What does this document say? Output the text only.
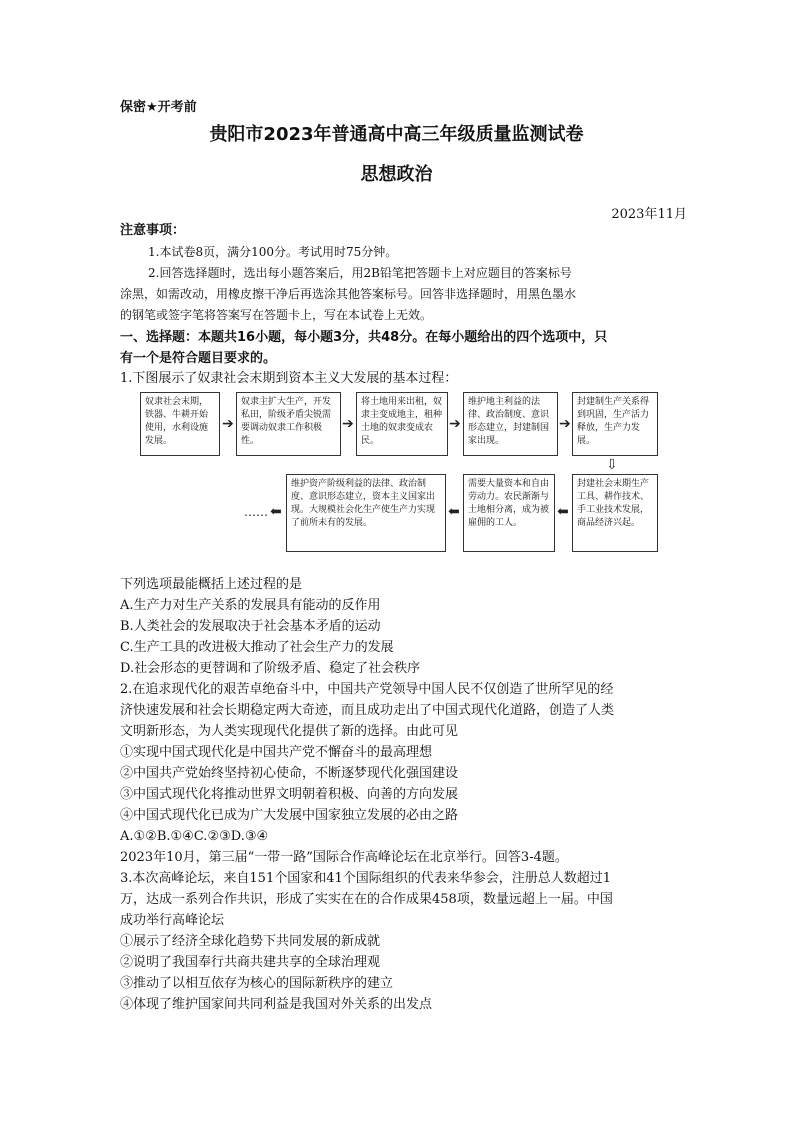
保密★开考前
贵阳市2023年普通高中高三年级质量监测试卷
思想政治
2023年11月
注意事项：
1.本试卷8页，满分100分。考试用时75分钟。
2.回答选择题时，选出每小题答案后，用2B铅笔把答题卡上对应题目的答案标号
涂黑，如需改动，用橡皮擦干净后再选涂其他答案标号。回答非选择题时，用黑色墨水
的钢笔或签字笔将答案写在答题卡上，写在本试卷上无效。
一、选择题：本题共16小题，每小题3分，共48分。在每小题给出的四个选项中，只
有一个是符合题目要求的。
1.下图展示了奴隶社会末期到资本主义大发展的基本过程：
奴隶社会末期，铁器、牛耕开始使用，水利设施发展。
➔
奴隶主扩大生产，开发私田，阶级矛盾尖锐需要调动奴隶工作积极性。
➔
将土地用来出租，奴隶主变成地主，租种土地的奴隶变成农民。
➔
维护地主利益的法律、政治制度、意识形态建立，封建制国家出现。
➔
封建制生产关系得到巩固，生产活力释放，生产力发展。
⇩
封建社会末期生产工具、耕作技术、手工业技术发展，商品经济兴起。
⬅
需要大量资本和自由劳动力。农民渐渐与土地相分离，成为被雇佣的工人。
⬅
维护资产阶级利益的法律、政治制度、意识形态建立，资本主义国家出现。大规模社会化生产使生产力实现了前所未有的发展。
⬅
……
下列选项最能概括上述过程的是
A.生产力对生产关系的发展具有能动的反作用
B.人类社会的发展取决于社会基本矛盾的运动
C.生产工具的改进极大推动了社会生产力的发展
D.社会形态的更替调和了阶级矛盾、稳定了社会秩序
2.在追求现代化的艰苦卓绝奋斗中，中国共产党领导中国人民不仅创造了世所罕见的经
济快速发展和社会长期稳定两大奇迹，而且成功走出了中国式现代化道路，创造了人类
文明新形态，为人类实现现代化提供了新的选择。由此可见
①实现中国式现代化是中国共产党不懈奋斗的最高理想
②中国共产党始终坚持初心使命，不断逐梦现代化强国建设
③中国式现代化将推动世界文明朝着积极、向善的方向发展
④中国式现代化已成为广大发展中国家独立发展的必由之路
A.①②B.①④C.②③D.③④
2023年10月，第三届“一带一路”国际合作高峰论坛在北京举行。回答3-4题。
3.本次高峰论坛，来自151个国家和41个国际组织的代表来华参会，注册总人数超过1
万，达成一系列合作共识，形成了实实在在的合作成果458项，数量远超上一届。中国
成功举行高峰论坛
①展示了经济全球化趋势下共同发展的新成就
②说明了我国奉行共商共建共享的全球治理观
③推动了以相互依存为核心的国际新秩序的建立
④体现了维护国家间共同利益是我国对外关系的出发点
